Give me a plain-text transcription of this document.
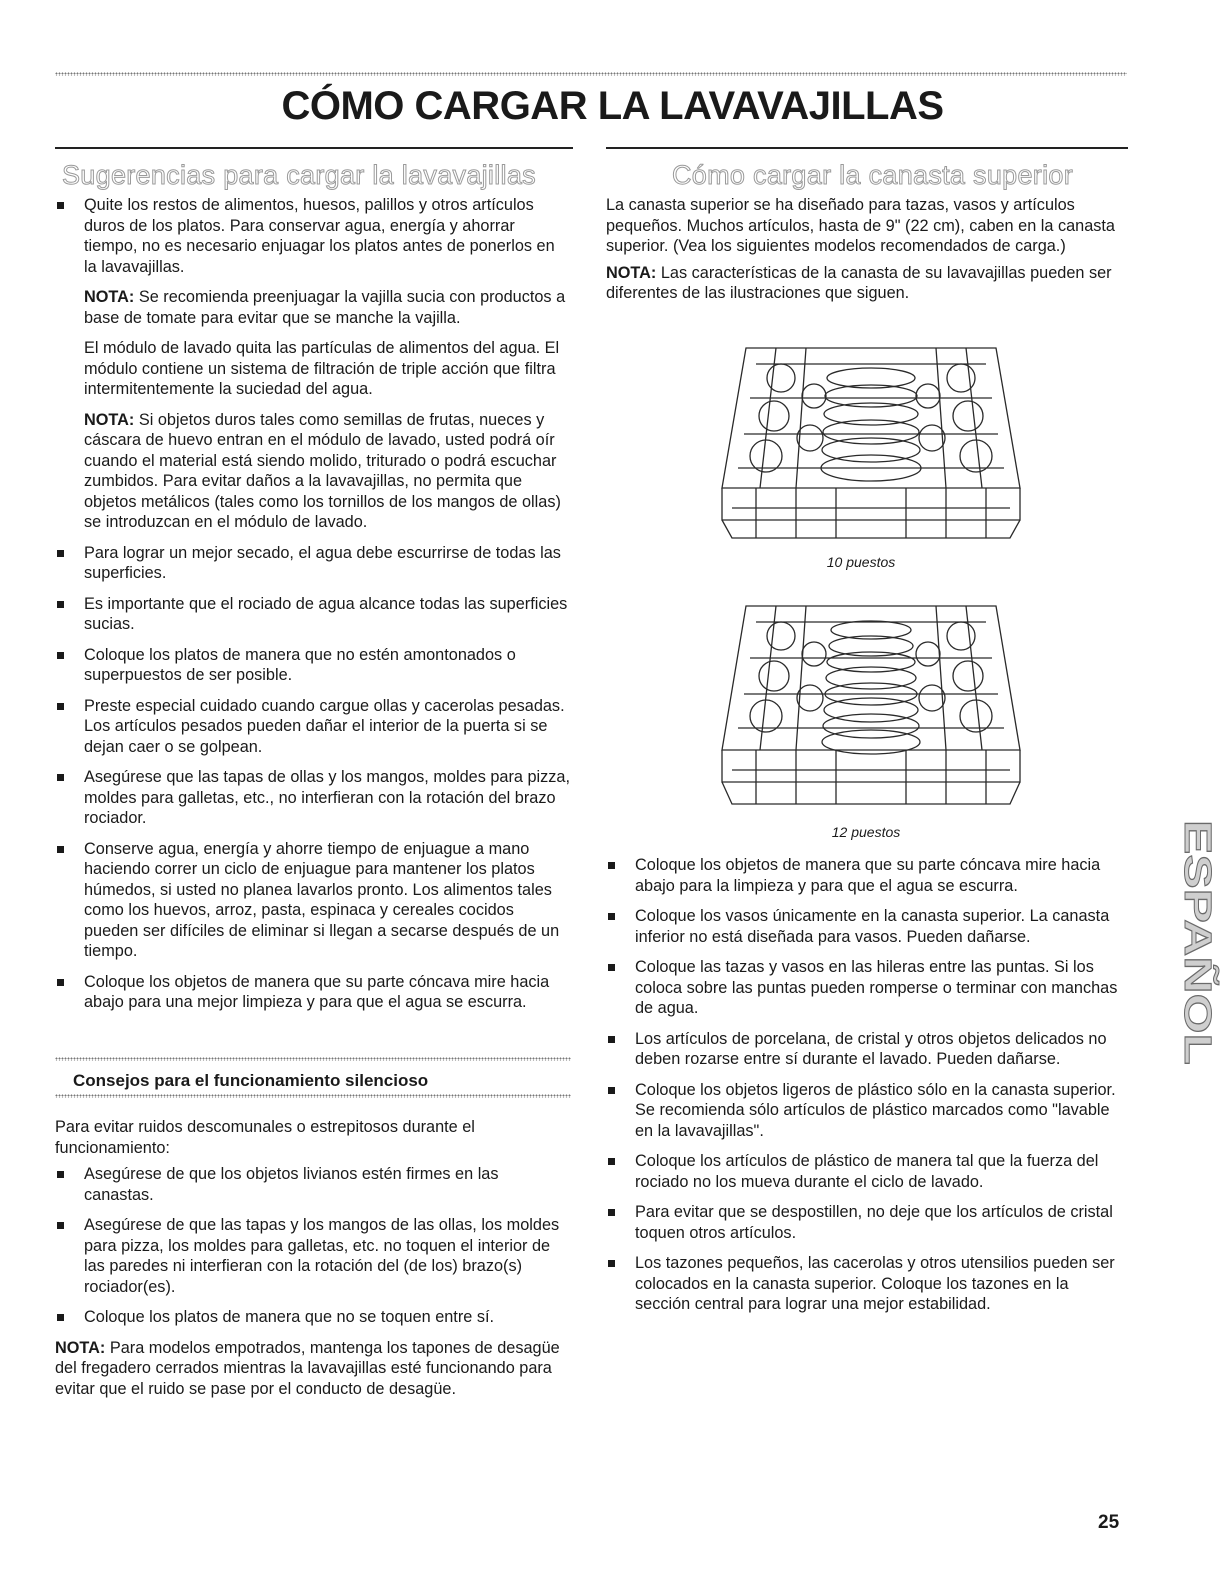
CÓMO CARGAR LA LAVAVAJILLAS
Sugerencias para cargar la lavavajillas	Cómo cargar la canasta superior
Quite los restos de alimentos, huesos, palillos y otros artículos duros de los platos. Para conservar agua, energía y ahorrar tiempo, no es necesario enjuagar los platos antes de ponerlos en la lavavajillas.

NOTA: Se recomienda preenjuagar la vajilla sucia con productos a base de tomate para evitar que se manche la vajilla.

El módulo de lavado quita las partículas de alimentos del agua. El módulo contiene un sistema de filtración de triple acción que filtra intermitentemente la suciedad del agua.

NOTA: Si objetos duros tales como semillas de frutas, nueces y cáscara de huevo entran en el módulo de lavado, usted podrá oír cuando el material está siendo molido, triturado o podrá escuchar zumbidos. Para evitar daños a la lavavajillas, no permita que objetos metálicos (tales como los tornillos de los mangos de ollas) se introduzcan en el módulo de lavado.

Para lograr un mejor secado, el agua debe escurrirse de todas las superficies.
Es importante que el rociado de agua alcance todas las superficies sucias.
Coloque los platos de manera que no estén amontonados o superpuestos de ser posible.
Preste especial cuidado cuando cargue ollas y cacerolas pesadas. Los artículos pesados pueden dañar el interior de la puerta si se dejan caer o se golpean.
Asegúrese que las tapas de ollas y los mangos, moldes para pizza, moldes para galletas, etc., no interfieran con la rotación del brazo rociador.
Conserve agua, energía y ahorre tiempo de enjuague a mano haciendo correr un ciclo de enjuague para mantener los platos húmedos, si usted no planea lavarlos pronto. Los alimentos tales como los huevos, arroz, pasta, espinaca y cereales cocidos pueden ser difíciles de eliminar si llegan a secarse después de un tiempo.
Coloque los objetos de manera que su parte cóncava mire hacia abajo para una mejor limpieza y para que el agua se escurra.
Consejos para el funcionamiento silencioso

Para evitar ruidos descomunales o estrepitosos durante el funcionamiento:

Asegúrese de que los objetos livianos estén firmes en las canastas.
Asegúrese de que las tapas y los mangos de las ollas, los moldes para pizza, los moldes para galletas, etc. no toquen el interior de las paredes ni interfieran con la rotación del (de los) brazo(s) rociador(es).
Coloque los platos de manera que no se toquen entre sí.

NOTA: Para modelos empotrados, mantenga los tapones de desagüe del fregadero cerrados mientras la lavavajillas esté funcionando para evitar que el ruido se pase por el conducto de desagüe.

La canasta superior se ha diseñado para tazas, vasos y artículos pequeños. Muchos artículos, hasta de 9" (22 cm), caben en la canasta superior. (Vea los siguientes modelos recomendados de carga.)

NOTA: Las características de la canasta de su lavavajillas pueden ser diferentes de las ilustraciones que siguen.

10 puestos
12 puestos
Coloque los objetos de manera que su parte cóncava mire hacia abajo para la limpieza y para que el agua se escurra.
Coloque los vasos únicamente en la canasta superior. La canasta inferior no está diseñada para vasos. Pueden dañarse.
Coloque las tazas y vasos en las hileras entre las puntas. Si los coloca sobre las puntas pueden romperse o terminar con manchas de agua.
Los artículos de porcelana, de cristal y otros objetos delicados no deben rozarse entre sí durante el lavado. Pueden dañarse.
Coloque los objetos ligeros de plástico sólo en la canasta superior. Se recomienda sólo artículos de plástico marcados como "lavable en la lavavajillas".
Coloque los artículos de plástico de manera tal que la fuerza del rociado no los mueva durante el ciclo de lavado.
Para evitar que se despostillen, no deje que los artículos de cristal toquen otros artículos.
Los tazones pequeños, las cacerolas y otros utensilios pueden ser colocados en la canasta superior. Coloque los tazones en la sección central para lograr una mejor estabilidad.
ESPAÑOL
25
